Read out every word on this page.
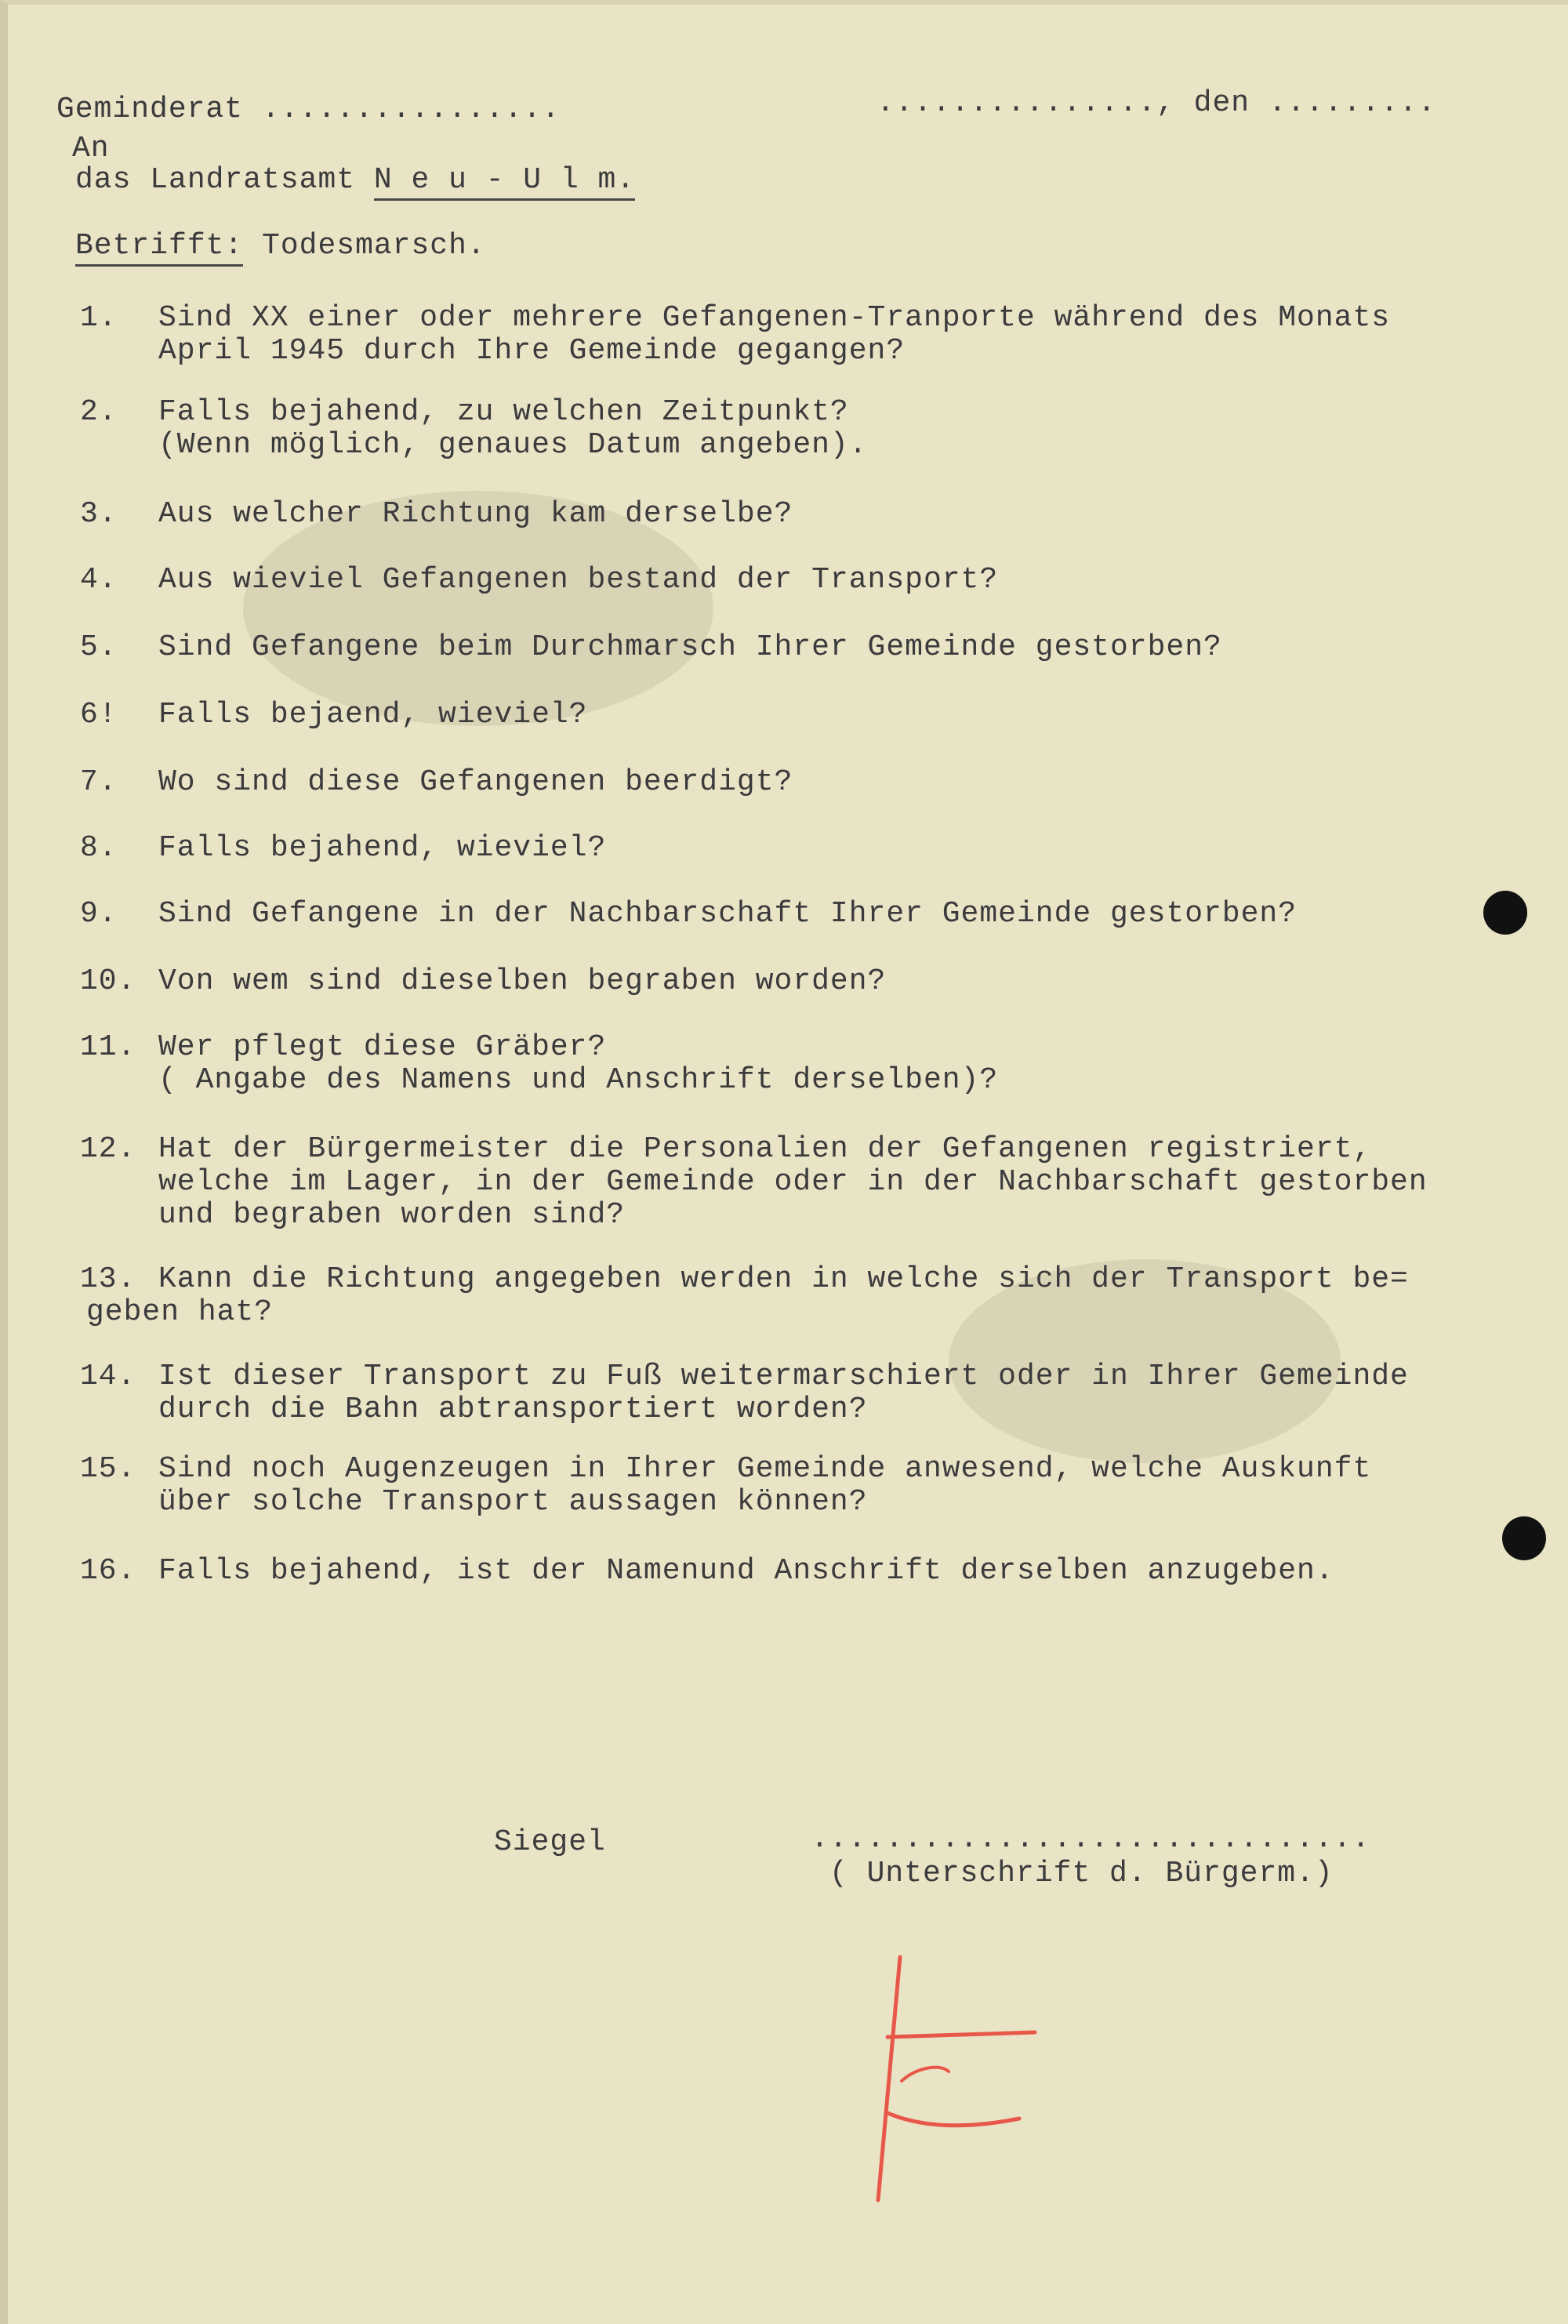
Geminderat ................	..............., den .........
An
das Landratsamt N e u - U l m.
Betrifft: Todesmarsch.
Siegel	..............................
( Unterschrift d. Bürgerm.)
1. Sind XX einer oder mehrere Gefangenen-Tranporte während des Monats
April 1945 durch Ihre Gemeinde gegangen?
2. Falls bejahend, zu welchen Zeitpunkt?
(Wenn möglich, genaues Datum angeben).
3. Aus welcher Richtung kam derselbe?
4. Aus wieviel Gefangenen bestand der Transport?
5. Sind Gefangene beim Durchmarsch Ihrer Gemeinde gestorben?
6! Falls bejaend, wieviel?
7. Wo sind diese Gefangenen beerdigt?
8. Falls bejahend, wieviel?
9. Sind Gefangene in der Nachbarschaft Ihrer Gemeinde gestorben?
10. Von wem sind dieselben begraben worden?
11. Wer pflegt diese Gräber?
( Angabe des Namens und Anschrift derselben)?
12. Hat der Bürgermeister die Personalien der Gefangenen registriert,
welche im Lager, in der Gemeinde oder in der Nachbarschaft gestorben
und begraben worden sind?
13. Kann die Richtung angegeben werden in welche sich der Transport be=
geben hat?
14. Ist dieser Transport zu Fuß weitermarschiert oder in Ihrer Gemeinde
durch die Bahn abtransportiert worden?
15. Sind noch Augenzeugen in Ihrer Gemeinde anwesend, welche Auskunft
über solche Transport aussagen können?
16. Falls bejahend, ist der Namenund Anschrift derselben anzugeben.
